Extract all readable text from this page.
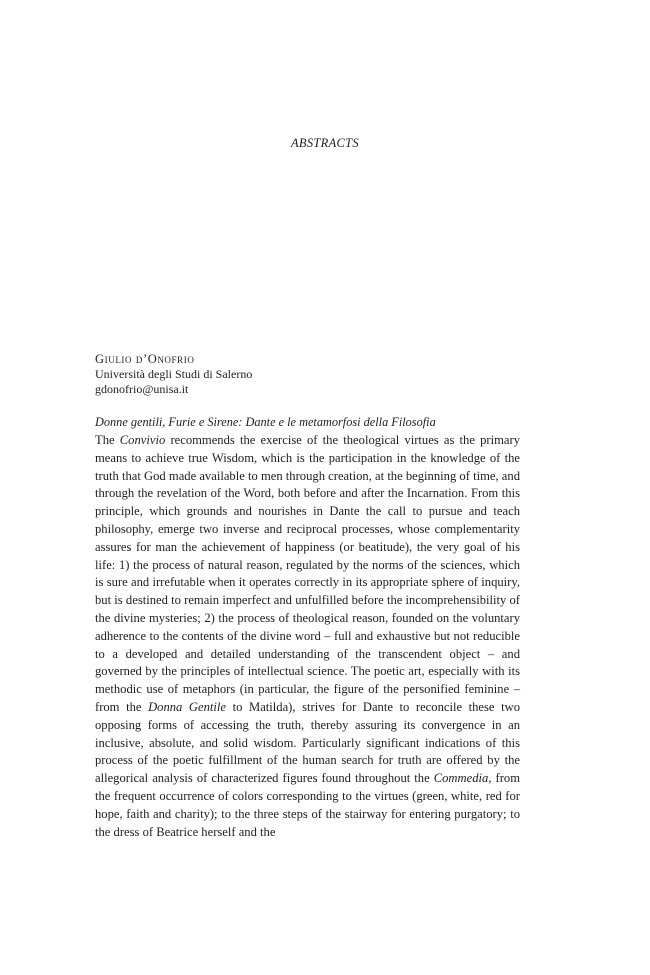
ABSTRACTS

Giulio d’Onofrio

Università degli Studi di Salerno

gdonofrio@unisa.it

Donne gentili, Furie e Sirene: Dante e le metamorfosi della Filosofia

The Convivio recommends the exercise of the theological virtues as the primary means to achieve true Wisdom, which is the participation in the knowledge of the truth that God made available to men through creation, at the beginning of time, and through the revelation of the Word, both before and after the Incarnation. From this principle, which grounds and nourishes in Dante the call to pursue and teach philosophy, emerge two inverse and reciprocal processes, whose complementarity assures for man the achievement of happiness (or beatitude), the very goal of his life: 1) the process of natural reason, regulated by the norms of the sciences, which is sure and irrefutable when it operates correctly in its appropriate sphere of inquiry, but is destined to remain imperfect and unfulfilled before the incomprehensibility of the divine mysteries; 2) the process of theological reason, founded on the voluntary adherence to the contents of the divine word – full and exhaustive but not reducible to a developed and detailed understanding of the transcendent object – and governed by the principles of intellectual science. The poetic art, especially with its methodic use of metaphors (in particular, the figure of the personified feminine – from the Donna Gentile to Matilda), strives for Dante to reconcile these two opposing forms of accessing the truth, thereby assuring its convergence in an inclusive, absolute, and solid wisdom. Particularly significant indications of this process of the poetic fulfillment of the human search for truth are offered by the allegorical analysis of characterized figures found throughout the Commedia, from the frequent occurrence of colors corresponding to the virtues (green, white, red for hope, faith and charity); to the three steps of the stairway for entering purgatory; to the dress of Beatrice herself and the
